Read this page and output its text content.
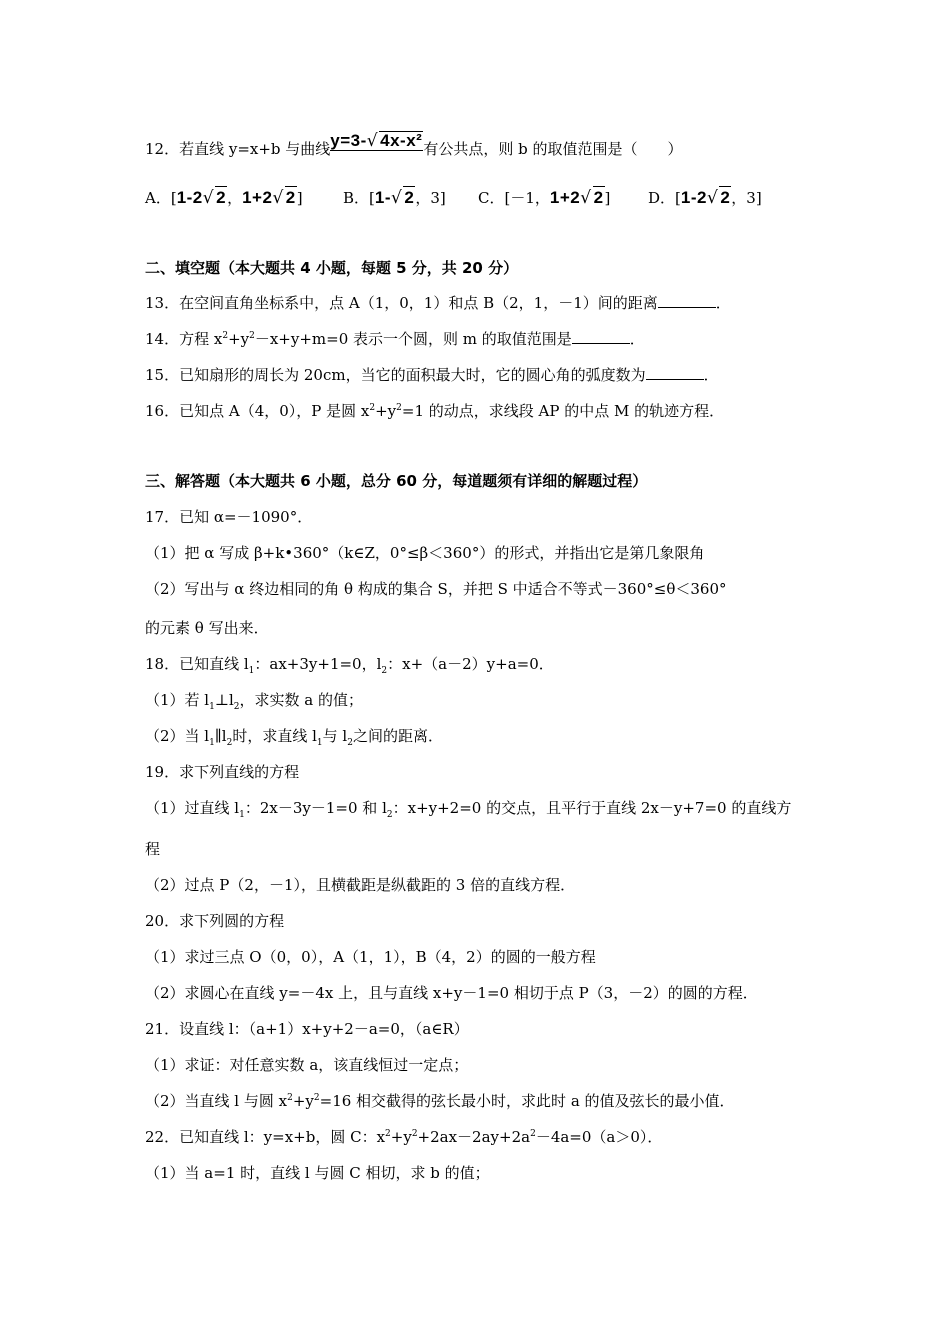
12．若直线 y=x+b 与曲线y=3-√ 4x-x²有公共点，则 b 的取值范围是（　　）
A．[1-2√ 2，1+2√ 2]	B．[1-√ 2，3] C．[－1，1+2√ 2]	D．[1-2√ 2，3]
二、填空题（本大题共 4 小题，每题 5 分，共 20 分）
13．在空间直角坐标系中，点 A（1，0，1）和点 B（2，1，－1）间的距离	．
14．方程 $x^2+y^2-x+y+m=0$ 表示一个圆，则 m 的取值范围是	．
15．已知扇形的周长为 20cm，当它的面积最大时，它的圆心角的弧度数为	．
16．已知点 A（4，0），P 是圆 $x^2+y^2=1$ 的动点，求线段 AP 的中点 M 的轨迹方程．
三、解答题（本大题共 6 小题，总分 60 分，每道题须有详细的解题过程）
17．已知 α=－1090°．
（1）把 α 写成 β+k•360°（k∈Z，0°≤β＜360°）的形式，并指出它是第几象限角
（2）写出与 α 终边相同的角 θ 构成的集合 S，并把 S 中适合不等式－360°≤θ＜360°
的元素 θ 写出来．
18．已知直线 $l_1$：ax+3y+1=0，$l_2$：x+（a－2）y+a=0．
（1）若 $l_1\perp l_2$，求实数 a 的值；
（2）当 $l_1\parallel l_2$时，求直线 $l_1$与 $l_2$之间的距离．
19．求下列直线的方程
（1）过直线 $l_1$：2x－3y－1=0 和 $l_2$：x+y+2=0 的交点，且平行于直线 2x－y+7=0 的直线方
程
（2）过点 P（2，－1），且横截距是纵截距的 3 倍的直线方程．
20．求下列圆的方程
（1）求过三点 O（0，0），A（1，1），B（4，2）的圆的一般方程
（2）求圆心在直线 y=－4x 上，且与直线 x+y－1=0 相切于点 P（3，－2）的圆的方程．
21．设直线 l：（a+1）x+y+2－a=0，（a∈R）
（1）求证：对任意实数 a，该直线恒过一定点；
（2）当直线 l 与圆 $x^2+y^2=16$ 相交截得的弦长最小时，求此时 a 的值及弦长的最小值．
22．已知直线 l：y=x+b，圆 C：$x^2+y^2+2ax-2ay+2a^2-4a=0(a>0)$．
（1）当 a=1 时，直线 l 与圆 C 相切，求 b 的值；
